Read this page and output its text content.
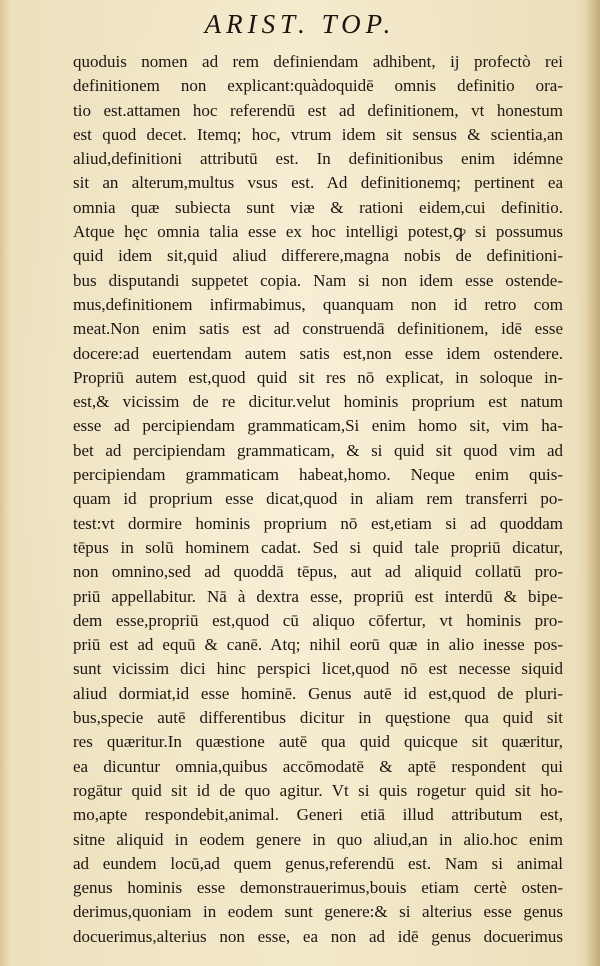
ARIST. TOP.
quoduis nomen ad rem definiendam adhibent, ij profectò rei
definitionem non explicant:quàdoquidē omnis definitio ora-
tio est.attamen hoc referendū est ad definitionem, vt honestum
est quod decet. Itemq; hoc, vtrum idem sit sensus & scientia,an
aliud,definitioni attributū est. In definitionibus enim idémne
sit an alterum,multus vsus est. Ad definitionemq; pertinent ea
omnia quæ subiecta sunt viæ & rationi eidem,cui definitio.
Atque hęc omnia talia esse ex hoc intelligi potest,ꝙ si possumus
quid idem sit,quid aliud differere,magna nobis de definitioni-
bus disputandi suppetet copia. Nam si non idem esse ostende-
mus,definitionem infirmabimus, quanquam non id retro com
meat.Non enim satis est ad construendā definitionem, idē esse
docere:ad euertendam autem satis est,non esse idem ostendere.
Propriū autem est,quod quid sit res nō explicat, in soloque in-
est,& vicissim de re dicitur.velut hominis proprium est natum
esse ad percipiendam grammaticam,Si enim homo sit, vim ha-
bet ad percipiendam grammaticam, & si quid sit quod vim ad
percipiendam grammaticam habeat,homo. Neque enim quis-
quam id proprium esse dicat,quod in aliam rem transferri po-
test:vt dormire hominis proprium nō est,etiam si ad quoddam
tēpus in solū hominem cadat. Sed si quid tale propriū dicatur,
non omnino,sed ad quoddā tēpus, aut ad aliquid collatū pro-
priū appellabitur. Nā à dextra esse, propriū est interdū & bipe-
dem esse,propriū est,quod cū aliquo cōfertur, vt hominis pro-
priū est ad equū & canē. Atq; nihil eorū quæ in alio inesse pos-
sunt vicissim dici hinc perspici licet,quod nō est necesse siquid
aliud dormiat,id esse hominē. Genus autē id est,quod de pluri-
bus,specie autē differentibus dicitur in quęstione qua quid sit
res quæritur.In quæstione autē qua quid quicque sit quæritur,
ea dicuntur omnia,quibus accōmodatē & aptē respondent qui
rogātur quid sit id de quo agitur. Vt si quis rogetur quid sit ho-
mo,apte respondebit,animal. Generi etiā illud attributum est,
sitne aliquid in eodem genere in quo aliud,an in alio.hoc enim
ad eundem locū,ad quem genus,referendū est. Nam si animal
genus hominis esse demonstrauerimus,bouis etiam certè osten-
derimus,quoniam in eodem sunt genere:& si alterius esse genus
docuerimus,alterius non esse, ea non ad idē genus docuerimus
